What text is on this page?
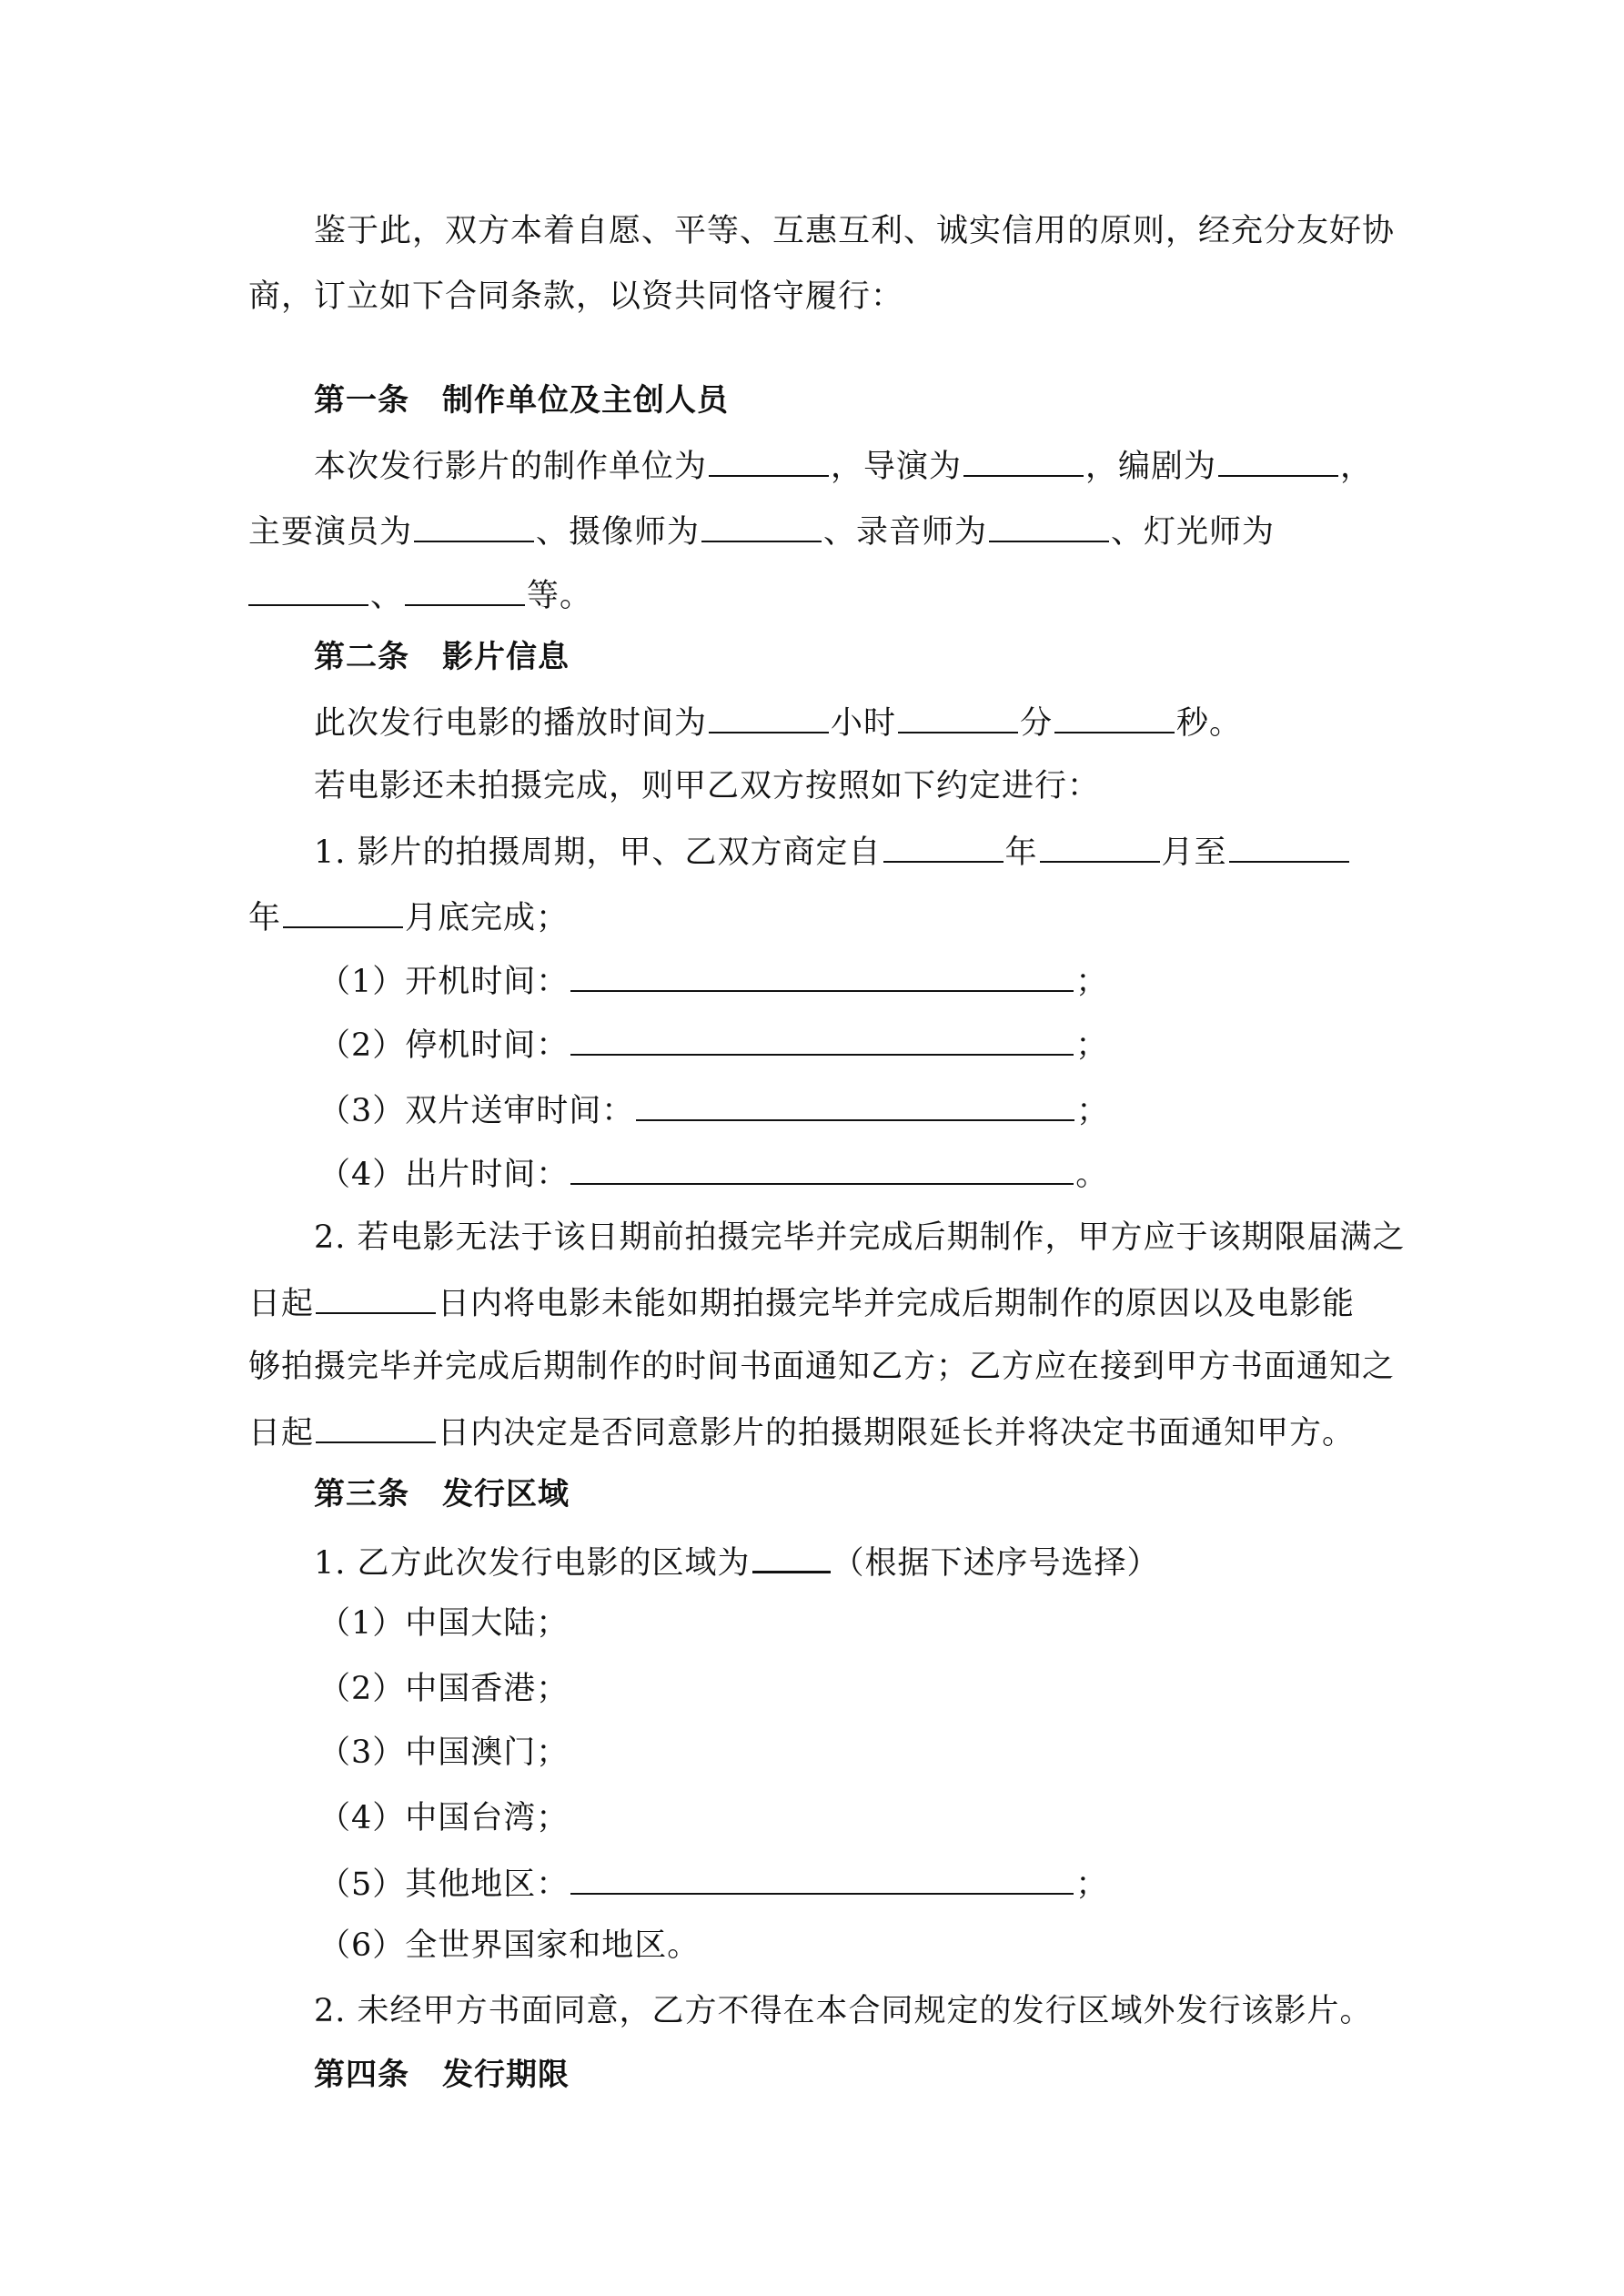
鉴于此，双方本着自愿、平等、互惠互利、诚实信用的原则，经充分友好协
商，订立如下合同条款，以资共同恪守履行：
第一条 制作单位及主创人员
本次发行影片的制作单位为	，导演为	，编剧为	，
主要演员为	、摄像师为	、录音师为	、灯光师为
、	等。
第二条 影片信息
此次发行电影的播放时间为	小时	分	秒。
若电影还未拍摄完成，则甲乙双方按照如下约定进行：
1. 影片的拍摄周期，甲、乙双方商定自	年	月至
年	月底完成；
（1）开机时间：	；
（2）停机时间：	；
（3）双片送审时间：	；
（4）出片时间：	。
2. 若电影无法于该日期前拍摄完毕并完成后期制作，甲方应于该期限届满之
日起	日内将电影未能如期拍摄完毕并完成后期制作的原因以及电影能
够拍摄完毕并完成后期制作的时间书面通知乙方；乙方应在接到甲方书面通知之
日起	日内决定是否同意影片的拍摄期限延长并将决定书面通知甲方。
第三条 发行区域
1. 乙方此次发行电影的区域为	（根据下述序号选择）
（1）中国大陆；
（2）中国香港；
（3）中国澳门；
（4）中国台湾；
（5）其他地区：	；
（6）全世界国家和地区。
2. 未经甲方书面同意，乙方不得在本合同规定的发行区域外发行该影片。
第四条 发行期限
